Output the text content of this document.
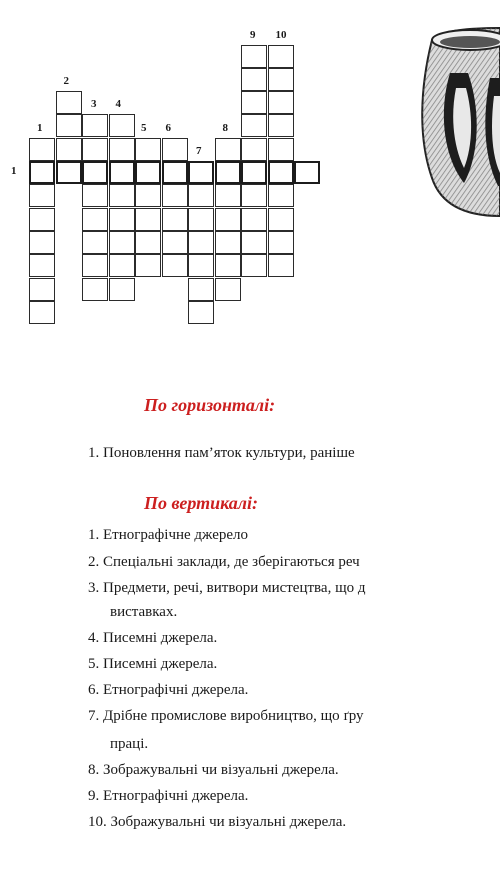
1
2
3 4
5 6
7
8
9 10
1
По горизонталі:
1. Поновлення пам’яток культури, раніше
По вертикалі:
1. Етнографічне джерело
2. Спеціальні заклади, де зберігаються реч
3. Предмети, речі, витвори мистецтва, що д
виставках.
4. Писемні джерела.
5. Писемні джерела.
6. Етнографічні джерела.
7. Дрібне промислове виробництво, що ґру
праці.
8. Зображувальні чи візуальні джерела.
9. Етнографічні джерела.
10. Зображувальні чи візуальні джерела.
